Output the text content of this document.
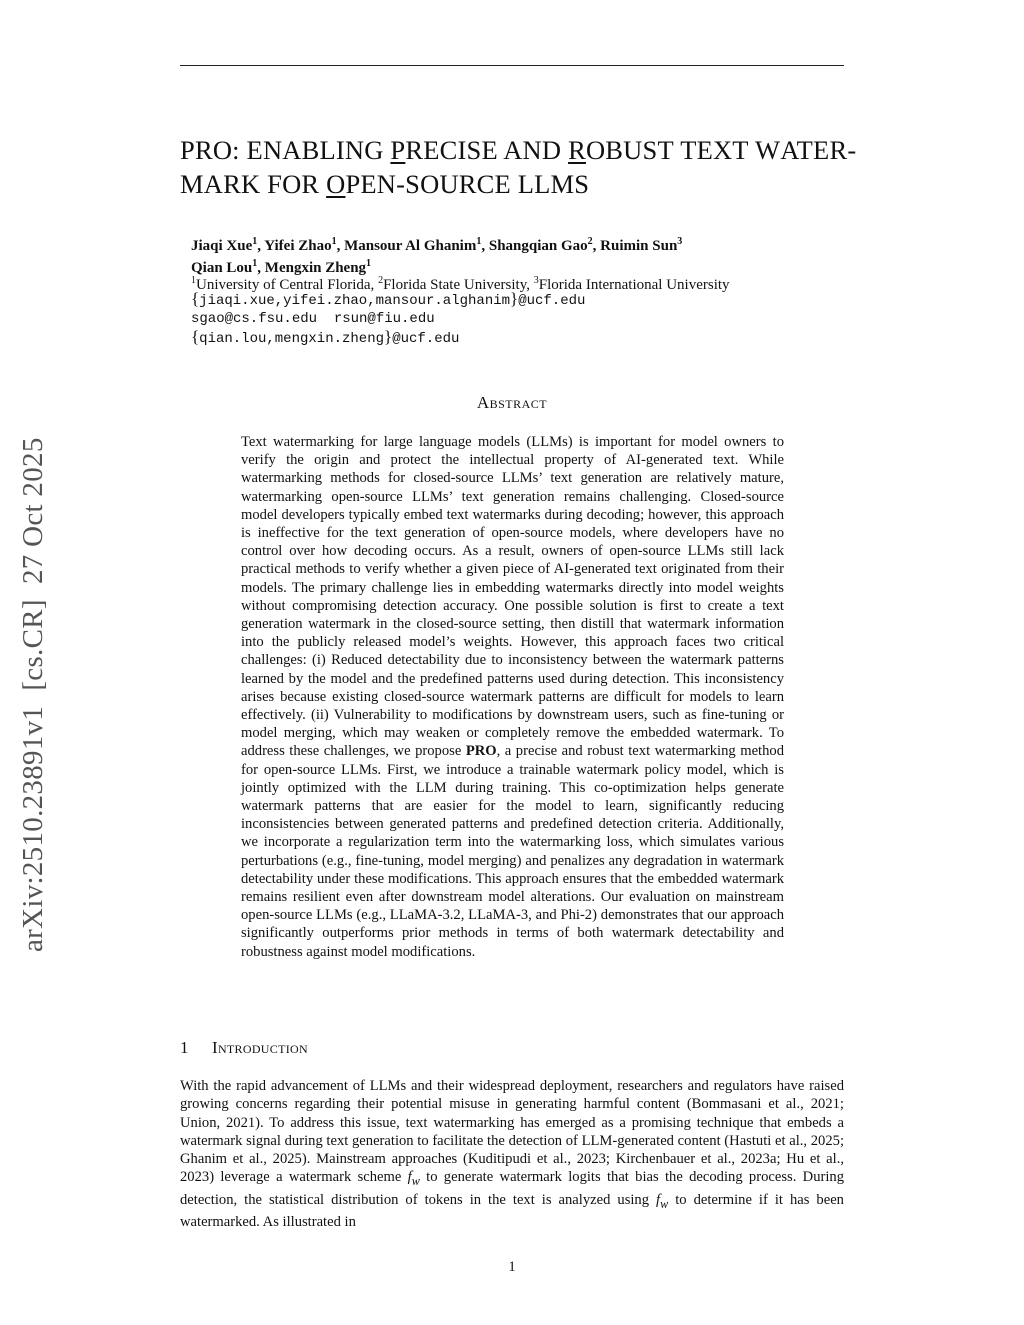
PRO: ENABLING PRECISE AND ROBUST TEXT WATER-
MARK FOR OPEN-SOURCE LLMS
Jiaqi Xue$^1$, Yifei Zhao$^1$, Mansour Al Ghanim$^1$, Shangqian Gao$^2$, Ruimin Sun$^3$
Qian Lou$^1$, Mengxin Zheng$^1$
$^1$University of Central Florida, $^2$Florida State University, $^3$Florida International University
{jiaqi.xue,yifei.zhao,mansour.alghanim}@ucf.edu
sgao@cs.fsu.edu  rsun@fiu.edu
{qian.lou,mengxin.zheng}@ucf.edu
arXiv:2510.23891v1  [cs.CR]  27 Oct 2025
Abstract
Text watermarking for large language models (LLMs) is important for model owners to verify the origin and protect the intellectual property of AI-generated text. While watermarking methods for closed-source LLMs’ text generation are relatively mature, watermarking open-source LLMs’ text generation remains challenging. Closed-source model developers typically embed text watermarks during decoding; however, this approach is ineffective for the text generation of open-source models, where developers have no control over how decoding occurs. As a result, owners of open-source LLMs still lack practical methods to verify whether a given piece of AI-generated text originated from their models. The primary challenge lies in embedding watermarks directly into model weights without compromising detection accuracy. One possible solution is first to create a text generation watermark in the closed-source setting, then distill that watermark information into the publicly released model’s weights. However, this approach faces two critical challenges: (i) Reduced detectability due to inconsistency between the watermark patterns learned by the model and the predefined patterns used during detection. This inconsistency arises because existing closed-source watermark patterns are difficult for models to learn effectively. (ii) Vulnerability to modifications by downstream users, such as fine-tuning or model merging, which may weaken or completely remove the embedded watermark. To address these challenges, we propose PRO, a precise and robust text watermarking method for open-source LLMs. First, we introduce a trainable watermark policy model, which is jointly optimized with the LLM during training. This co-optimization helps generate watermark patterns that are easier for the model to learn, significantly reducing inconsistencies between generated patterns and predefined detection criteria. Additionally, we incorporate a regularization term into the watermarking loss, which simulates various perturbations (e.g., fine-tuning, model merging) and penalizes any degradation in watermark detectability under these modifications. This approach ensures that the embedded watermark remains resilient even after downstream model alterations. Our evaluation on mainstream open-source LLMs (e.g., LLaMA-3.2, LLaMA-3, and Phi-2) demonstrates that our approach significantly outperforms prior methods in terms of both watermark detectability and robustness against model modifications.
1 Introduction
With the rapid advancement of LLMs and their widespread deployment, researchers and regulators have raised growing concerns regarding their potential misuse in generating harmful content (Bommasani et al., 2021; Union, 2021). To address this issue, text watermarking has emerged as a promising technique that embeds a watermark signal during text generation to facilitate the detection of LLM-generated content (Hastuti et al., 2025; Ghanim et al., 2025). Mainstream approaches (Kuditipudi et al., 2023; Kirchenbauer et al., 2023a; Hu et al., 2023) leverage a watermark scheme $f_w$ to generate watermark logits that bias the decoding process. During detection, the statistical distribution of tokens in the text is analyzed using $f_w$ to determine if it has been watermarked. As illustrated in
1
